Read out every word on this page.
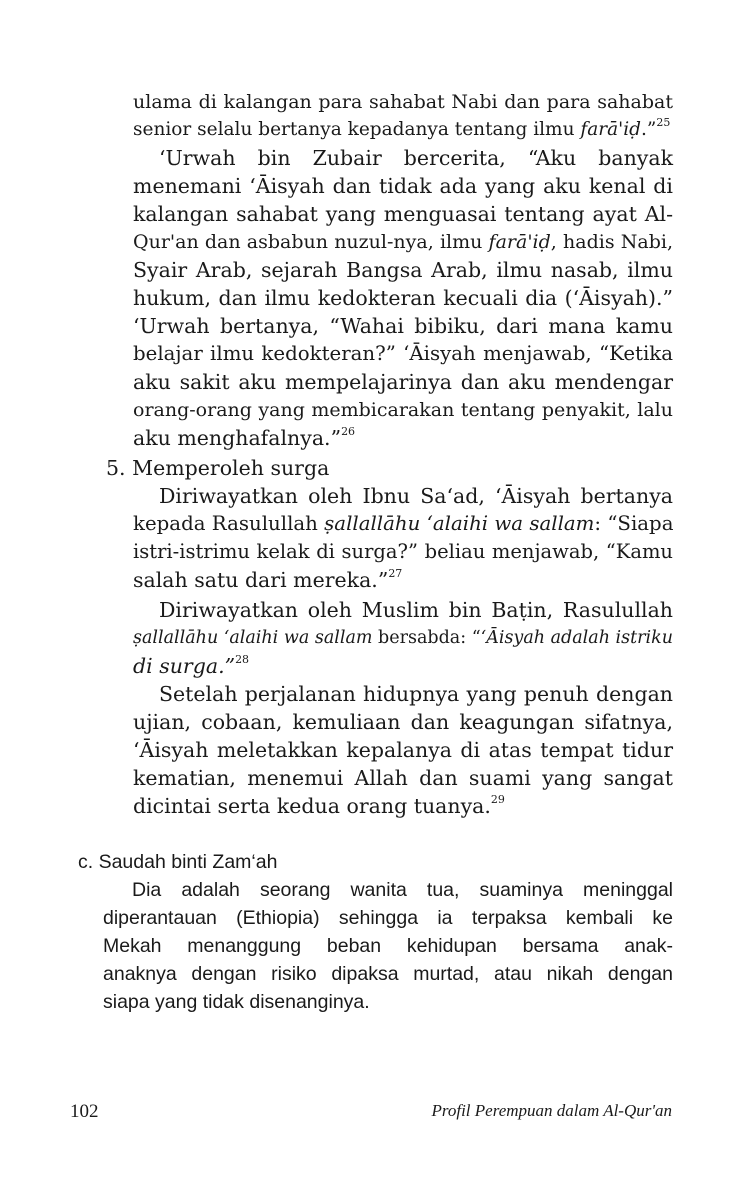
ulama di kalangan para sahabat Nabi dan para sahabat
senior selalu bertanya kepadanya tentang ilmu farā'iḍ.”$^{25}$
‘Urwah bin Zubair bercerita, “Aku banyak
menemani ‘Āisyah dan tidak ada yang aku kenal di
kalangan sahabat yang menguasai tentang ayat Al-
Qur'an dan asbabun nuzul-nya, ilmu farā'iḍ, hadis Nabi,
Syair Arab, sejarah Bangsa Arab, ilmu nasab, ilmu
hukum, dan ilmu kedokteran kecuali dia (‘Āisyah).”
‘Urwah bertanya, “Wahai bibiku, dari mana kamu
belajar ilmu kedokteran?” ‘Āisyah menjawab, “Ketika
aku sakit aku mempelajarinya dan aku mendengar
orang-orang yang membicarakan tentang penyakit, lalu
aku menghafalnya.”$^{26}$
5. Memperoleh surga
Diriwayatkan oleh Ibnu Sa‘ad, ‘Āisyah bertanya
kepada Rasulullah ṣallallāhu ‘alaihi wa sallam: “Siapa
istri-istrimu kelak di surga?” beliau menjawab, “Kamu
salah satu dari mereka.”$^{27}$
Diriwayatkan oleh Muslim bin Baṭin, Rasulullah
ṣallallāhu ‘alaihi wa sallam bersabda: “‘Āisyah adalah istriku
di surga.”$^{28}$
Setelah perjalanan hidupnya yang penuh dengan
ujian, cobaan, kemuliaan dan keagungan sifatnya,
‘Āisyah meletakkan kepalanya di atas tempat tidur
kematian, menemui Allah dan suami yang sangat
dicintai serta kedua orang tuanya.$^{29}$
c. Saudah binti Zam‘ah
Dia adalah seorang wanita tua, suaminya meninggal
diperantauan (Ethiopia) sehingga ia terpaksa kembali ke
Mekah menanggung beban kehidupan bersama anak-
anaknya dengan risiko dipaksa murtad, atau nikah dengan
siapa yang tidak disenanginya.
102	Profil Perempuan dalam Al-Qur'an
